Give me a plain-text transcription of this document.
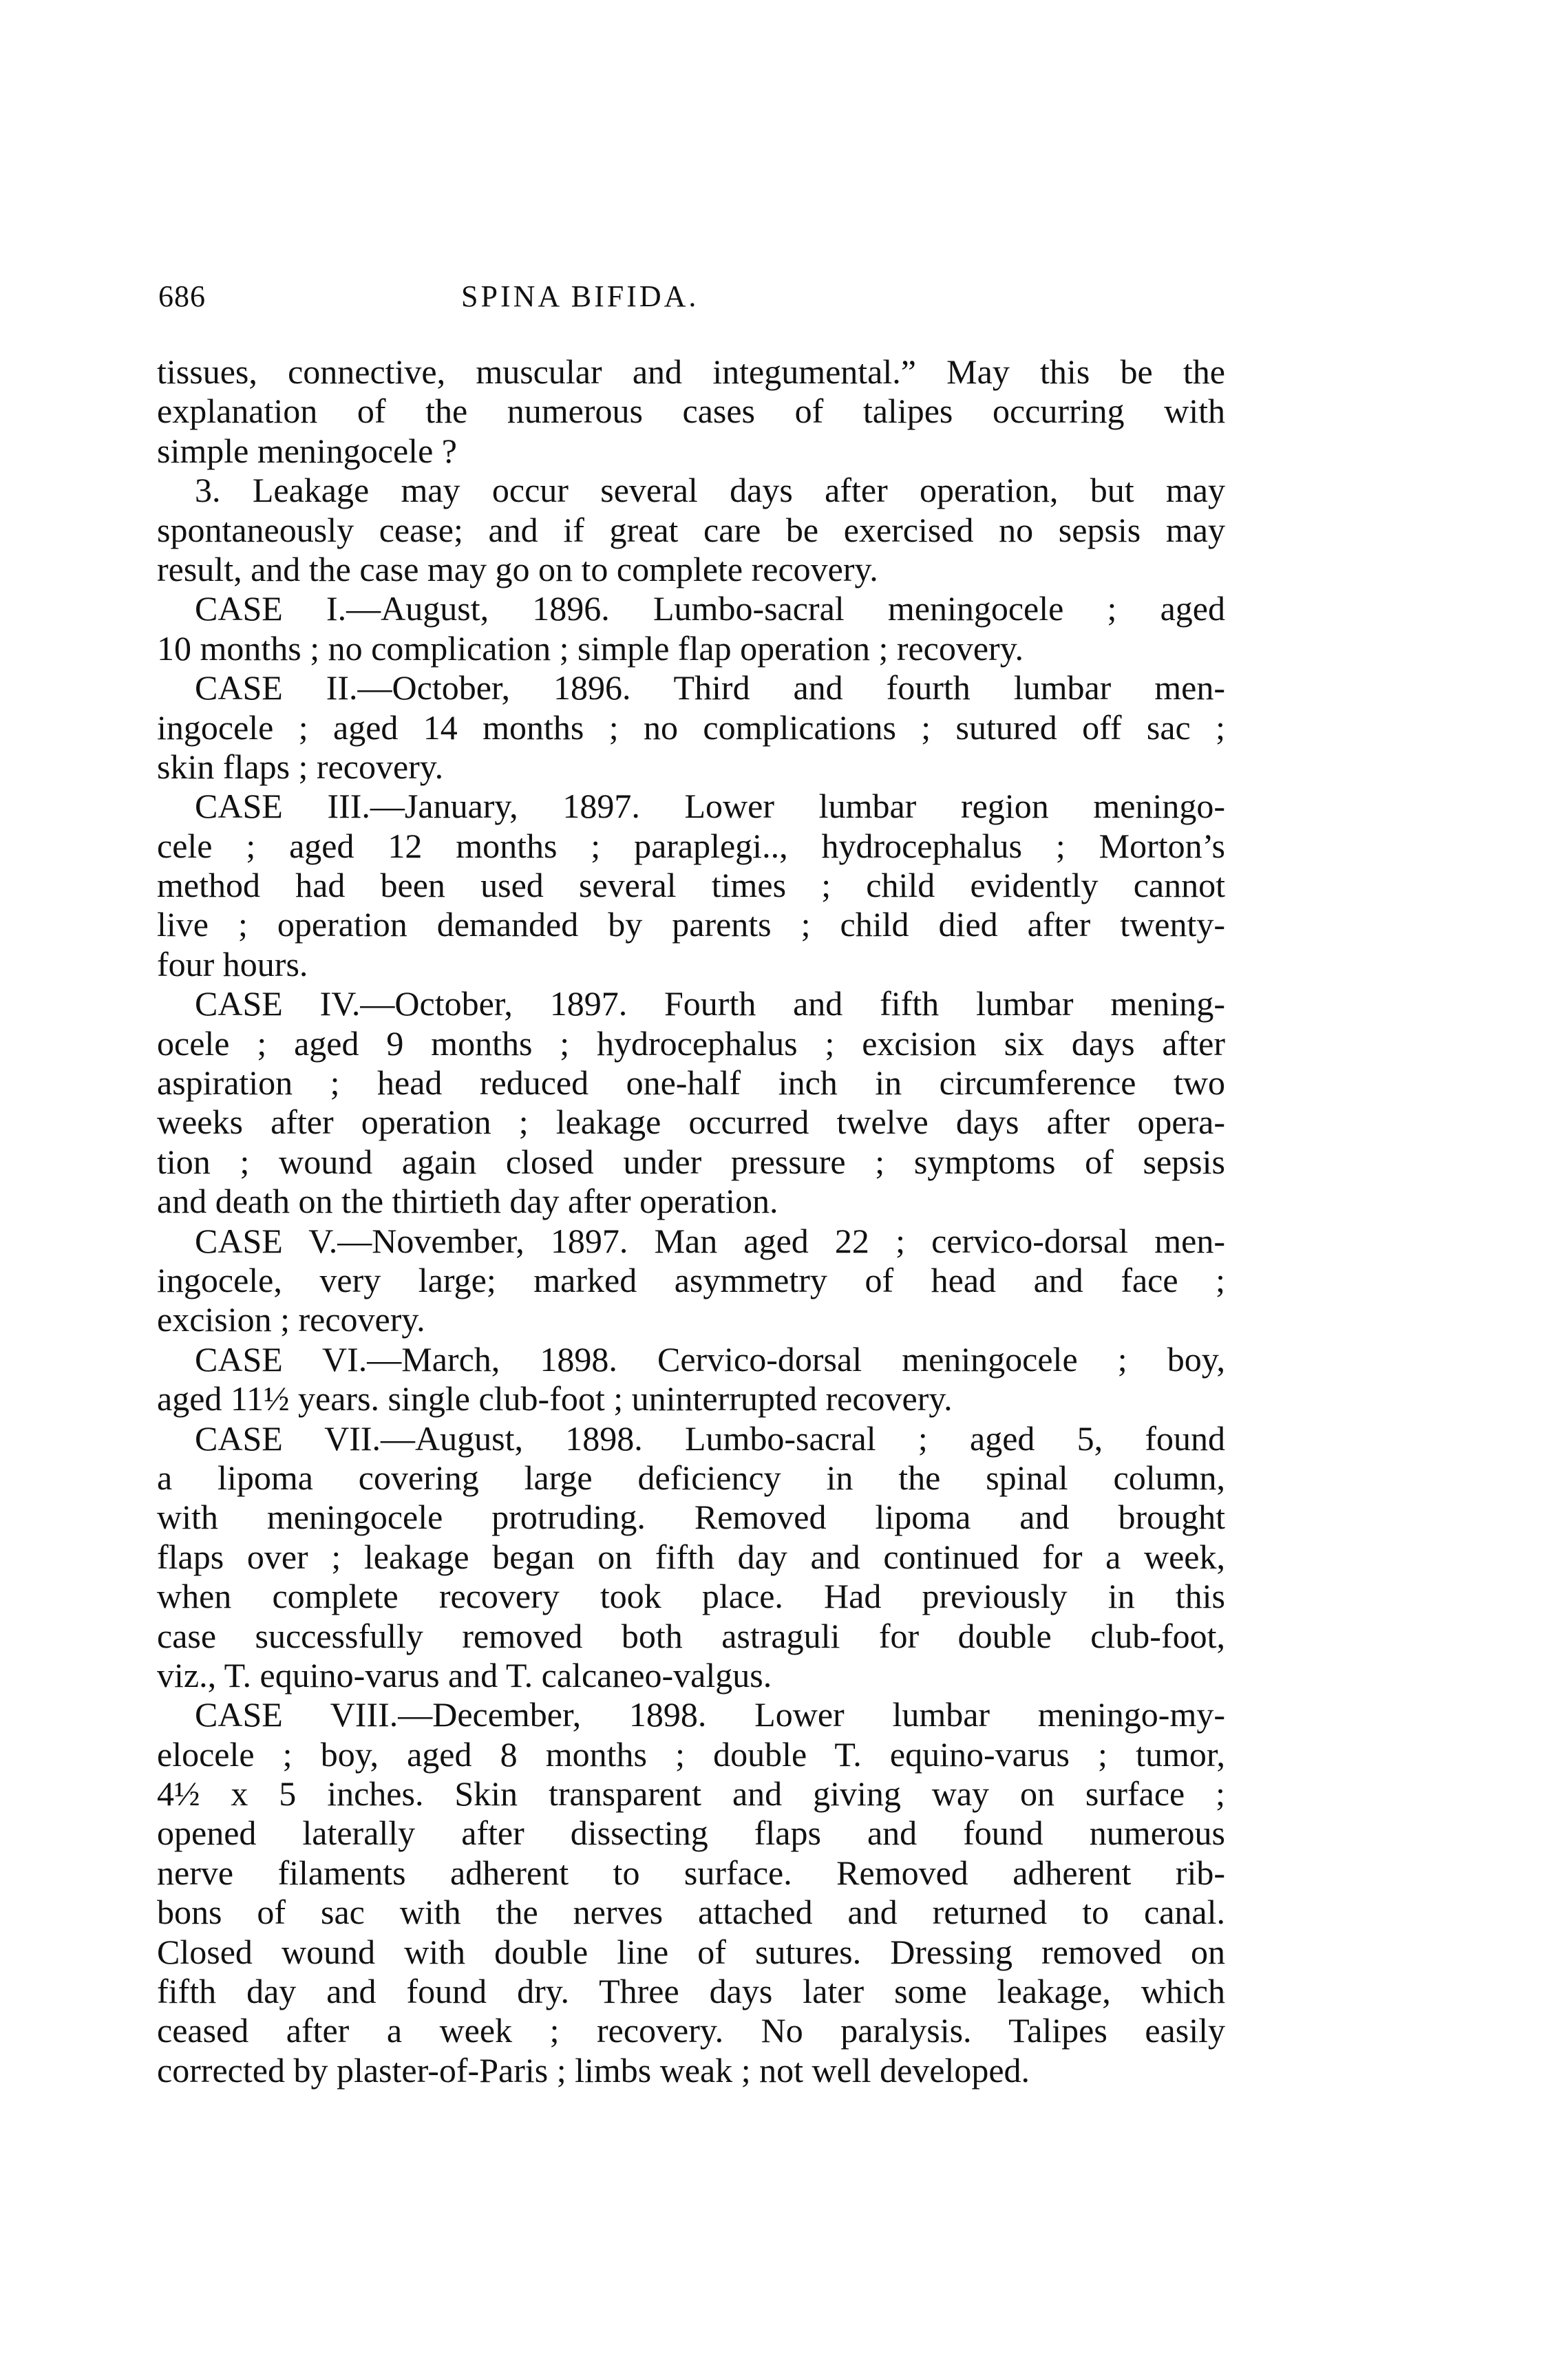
686	SPINA BIFIDA.
tissues, connective, muscular and integumental.” May this be the
explanation of the numerous cases of talipes occurring with
simple meningocele ?
3. Leakage may occur several days after operation, but may
spontaneously cease; and if great care be exercised no sepsis may
result, and the case may go on to complete recovery.
CASE I.—August, 1896. Lumbo-sacral meningocele ; aged
10 months ; no complication ; simple flap operation ; recovery.
CASE II.—October, 1896. Third and fourth lumbar men-
ingocele ; aged 14 months ; no complications ; sutured off sac ;
skin flaps ; recovery.
CASE III.—January, 1897. Lower lumbar region meningo-
cele ; aged 12 months ; paraplegi.., hydrocephalus ; Morton’s
method had been used several times ; child evidently cannot
live ; operation demanded by parents ; child died after twenty-
four hours.
CASE IV.—October, 1897. Fourth and fifth lumbar mening-
ocele ; aged 9 months ; hydrocephalus ; excision six days after
aspiration ; head reduced one-half inch in circumference two
weeks after operation ; leakage occurred twelve days after opera-
tion ; wound again closed under pressure ; symptoms of sepsis
and death on the thirtieth day after operation.
CASE V.—November, 1897. Man aged 22 ; cervico-dorsal men-
ingocele, very large; marked asymmetry of head and face ;
excision ; recovery.
CASE VI.—March, 1898. Cervico-dorsal meningocele ; boy,
aged 11½ years. single club-foot ; uninterrupted recovery.
CASE VII.—August, 1898. Lumbo-sacral ; aged 5, found
a lipoma covering large deficiency in the spinal column,
with meningocele protruding. Removed lipoma and brought
flaps over ; leakage began on fifth day and continued for a week,
when complete recovery took place. Had previously in this
case successfully removed both astraguli for double club-foot,
viz., T. equino-varus and T. calcaneo-valgus.
CASE VIII.—December, 1898. Lower lumbar meningo-my-
elocele ; boy, aged 8 months ; double T. equino-varus ; tumor,
4½ x 5 inches. Skin transparent and giving way on surface ;
opened laterally after dissecting flaps and found numerous
nerve filaments adherent to surface. Removed adherent rib-
bons of sac with the nerves attached and returned to canal.
Closed wound with double line of sutures. Dressing removed on
fifth day and found dry. Three days later some leakage, which
ceased after a week ; recovery. No paralysis. Talipes easily
corrected by plaster-of-Paris ; limbs weak ; not well developed.
